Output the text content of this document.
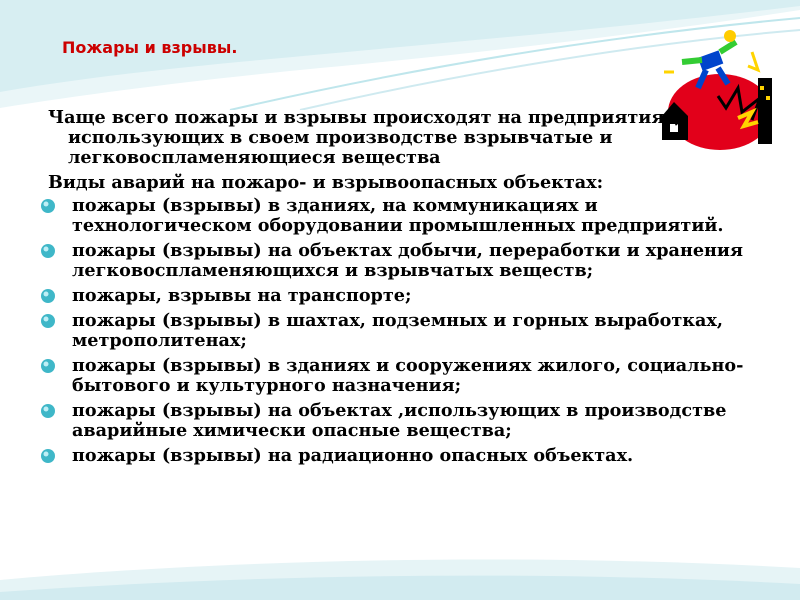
Пожары и взрывы.

Чаще всего пожары и взрывы происходят на предприятиях, использующих в своем производстве взрывчатые и легковоспламеняющиеся вещества

Виды аварий на пожаро- и взрывоопасных объектах:

пожары (взрывы) в зданиях, на коммуникациях и технологическом оборудовании промышленных предприятий.
пожары (взрывы) на объектах добычи, переработки и хранения легковоспламеняющихся и взрывчатых веществ;
пожары, взрывы на транспорте;
пожары (взрывы) в шахтах, подземных и горных выработках, метрополитенах;
пожары (взрывы) в зданиях и сооружениях жилого, социально-бытового и культурного назначения;
пожары (взрывы) на объектах ,использующих в производстве аварийные химически опасные вещества;
пожары (взрывы) на радиационно опасных объектах.
